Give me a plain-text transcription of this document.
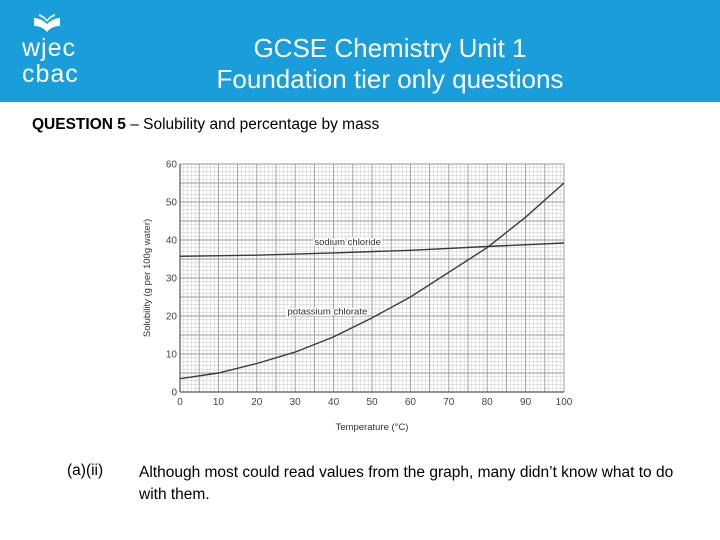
wjec
cbac
GCSE Chemistry Unit 1
Foundation tier only questions
QUESTION 5 – Solubility and percentage by mass
0	10	20	30	40	50	60	70	80	90 100
0
10
20
30
40
50
60
Temperature (°C)
Solubility (g per 100g water)	sodium chloride
potassium chlorate
(a)(ii) Although most could read values from the graph, many didn’t know what to do with them.
